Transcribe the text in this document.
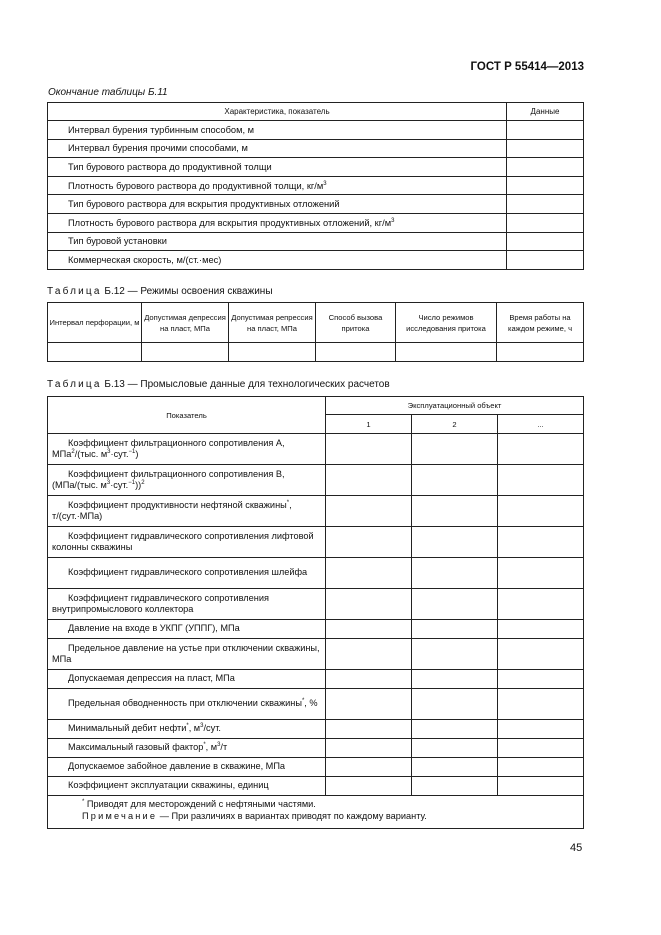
ГОСТ Р 55414—2013
Окончание таблицы Б.11
Характеристика, показатель	Данные
Интервал бурения турбинным способом, м	
Интервал бурения прочими способами, м	
Тип бурового раствора до продуктивной толщи	
Плотность бурового раствора до продуктивной толщи, $кг/м^3$	
Тип бурового раствора для вскрытия продуктивных отложений	
Плотность бурового раствора для вскрытия продуктивных отложений, $кг/м^3$	
Тип буровой установки	
Коммерческая скорость, м/(ст.·мес)	
Таблица Б.12 — Режимы освоения скважины
Интервал перфорации, м	Допустимая депрессия на пласт, МПа	Допустимая репрессия на пласт, МПа	Способ вызова притока	Число режимов исследования притока	Время работы на каждом режиме, ч

Таблица Б.13 — Промысловые данные для технологических расчетов
Показатель	Эксплуатационный объект		
	1	2	...
Коэффициент фильтрационного сопротивления А,
МПа$^2$/(тыс. $м^3\cdot сут.^{-1}$)			
Коэффициент фильтрационного сопротивления В,
(МПа/(тыс. $м^3\cdot сут.^{-1}))^2$			
Коэффициент продуктивности нефтяной скважины*,
т/(сут.·МПа)			
Коэффициент гидравлического сопротивления лифтовой колонны скважины			
Коэффициент гидравлического сопротивления шлейфа			
Коэффициент гидравлического сопротивления внутрипромыслового коллектора			
Давление на входе в УКПГ (УППГ), МПа			
Предельное давление на устье при отключении скважины, МПа			
Допускаемая депрессия на пласт, МПа			
Предельная обводненность при отключении скважины*, %			
Минимальный дебит нефти*, $м^3$/сут.			
Максимальный газовый фактор*, $м^3/т$			
Допускаемое забойное давление в скважине, МПа			
Коэффициент эксплуатации скважины, единиц			

* Приводят для месторождений с нефтяными частями.
Примечание — При различиях в вариантах приводят по каждому варианту.			
45
